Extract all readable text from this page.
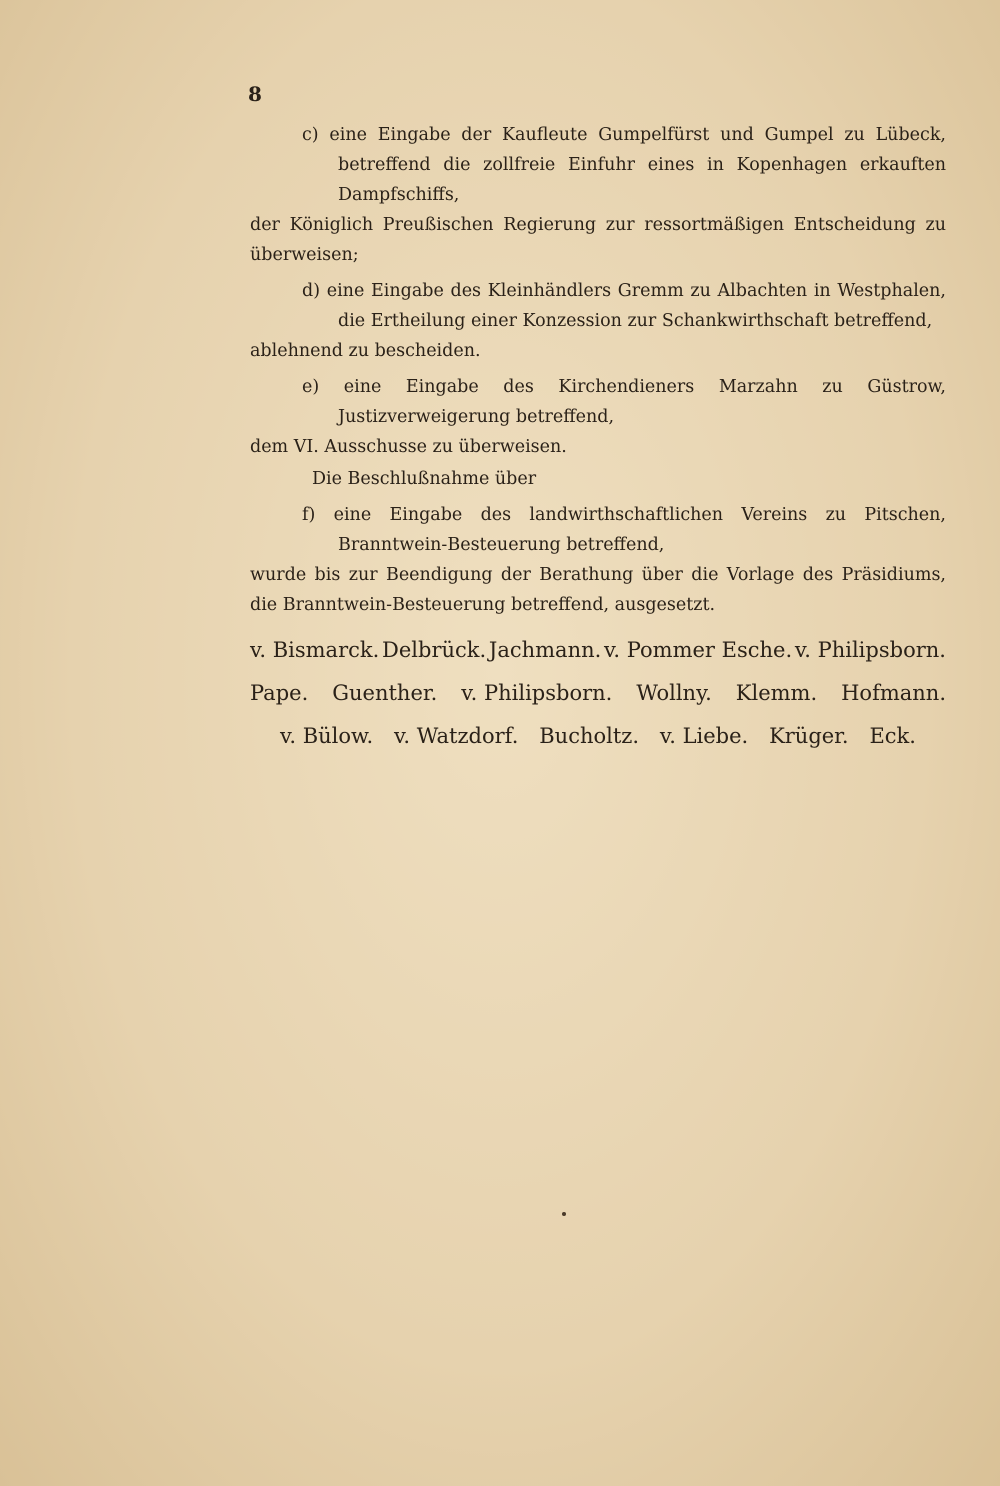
8
c) eine Eingabe der Kaufleute Gumpelfürst und Gumpel zu Lübeck, betreffend die zollfreie Einfuhr eines in Kopenhagen erkauften Dampfschiffs,
der Königlich Preußischen Regierung zur ressortmäßigen Entscheidung zu überweisen;
d) eine Eingabe des Kleinhändlers Gremm zu Albachten in Westphalen, die Ertheilung einer Konzession zur Schankwirthschaft betreffend,
ablehnend zu bescheiden.
e) eine Eingabe des Kirchendieners Marzahn zu Güstrow, Justizverweigerung betreffend,
dem VI. Ausschusse zu überweisen.
Die Beschlußnahme über
f) eine Eingabe des landwirthschaftlichen Vereins zu Pitschen, Branntwein-Besteuerung betreffend,
wurde bis zur Beendigung der Berathung über die Vorlage des Präsidiums, die Branntwein-Besteuerung betreffend, ausgesetzt.
v. Bismarck. Delbrück. Jachmann. v. Pommer Esche. v. Philipsborn.
Pape. Guenther. v. Philipsborn. Wollny. Klemm. Hofmann.
v. Bülow. v. Watzdorf. Bucholtz. v. Liebe. Krüger. Eck.
